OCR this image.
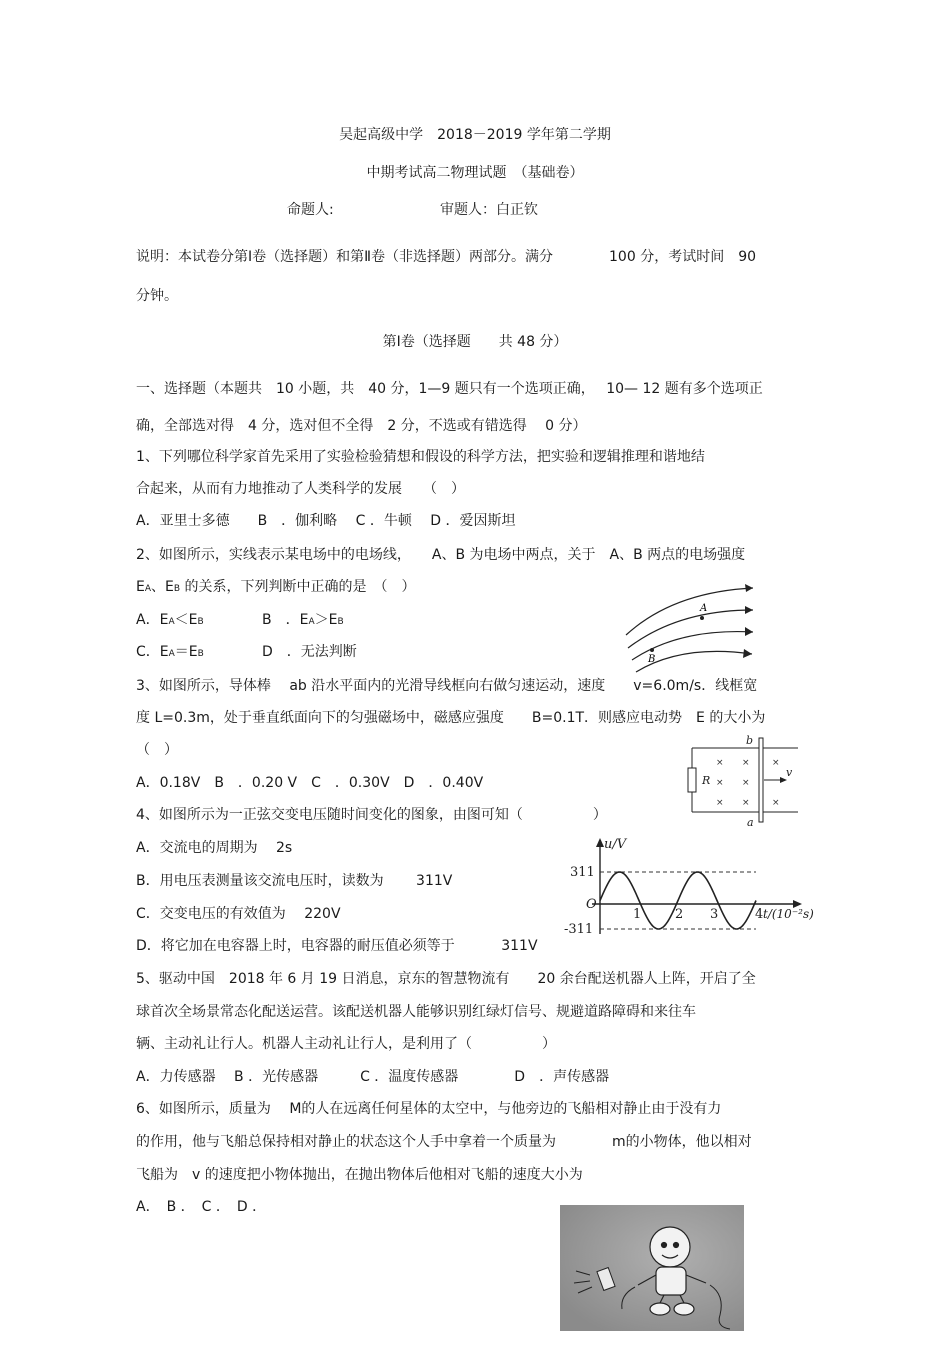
吴起高级中学　2018－2019 学年第二学期
中期考试高二物理试题　（基础卷）
命题人:	审题人：白正钦
说明：本试卷分第Ⅰ卷（选择题）和第Ⅱ卷（非选择题）两部分。满分　　　　100 分，考试时间　90
分钟。
第Ⅰ卷（选择题　　共 48 分）
一、选择题（本题共　10 小题，共　40 分，1—9 题只有一个选项正确，　 10— 12 题有多个选项正
确，全部选对得　4 分，选对但不全得　2 分，不选或有错选得　 0 分）
1、下列哪位科学家首先采用了实验检验猜想和假设的科学方法，把实验和逻辑推理和谐地结
合起来，从而有力地推动了人类科学的发展　　（　）
A．亚里士多德　　B　．伽利略　 C ．牛顿　 D ．爱因斯坦
2、如图所示，实线表示某电场中的电场线，　　A、B 为电场中两点，关于　A、B 两点的电场强度
EA、EB 的关系，下列判断中正确的是　（　）
A．EA＜EB	B　．EA＞EB
C．EA＝EB	D　．无法判断
A
B
3、如图所示，导体棒　 ab 沿水平面内的光滑导线框向右做匀速运动，速度　　v=6.0m/s．线框宽
度 L=0.3m，处于垂直纸面向下的匀强磁场中，磁感应强度　　B=0.1T．则感应电动势　E 的大小为
（　）
A．0.18V　B　．0.20 V　C　．0.30V　D　．0.40V
× × ×
× ×
× × ×
b
a
R
v
4、如图所示为一正弦交变电压随时间变化的图象，由图可知（　　　　　）
A．交流电的周期为　 2s
B．用电压表测量该交流电压时，读数为　　 311V
C．交变电压的有效值为　 220V
D．将它加在电容器上时，电容器的耐压值必须等于　　　 311V
u/V
311
-311
O
1	2 3	4 t/(10⁻²s)
5、驱动中国　2018 年 6 月 19 日消息，京东的智慧物流有　　20 余台配送机器人上阵，开启了全
球首次全场景常态化配送运营。该配送机器人能够识别红绿灯信号、规避道路障碍和来往车
辆、主动礼让行人。机器人主动礼让行人，是利用了（　　　　　）
A．力传感器　 B ．光传感器　　　C ．温度传感器　　　　D　．声传感器
6、如图所示，质量为　 M的人在远离任何星体的太空中，与他旁边的飞船相对静止由于没有力
的作用，他与飞船总保持相对静止的状态这个人手中拿着一个质量为　　　　m的小物体，他以相对
飞船为　v 的速度把小物体抛出，在抛出物体后他相对飞船的速度大小为
A．　B ．　C ．　D ．
